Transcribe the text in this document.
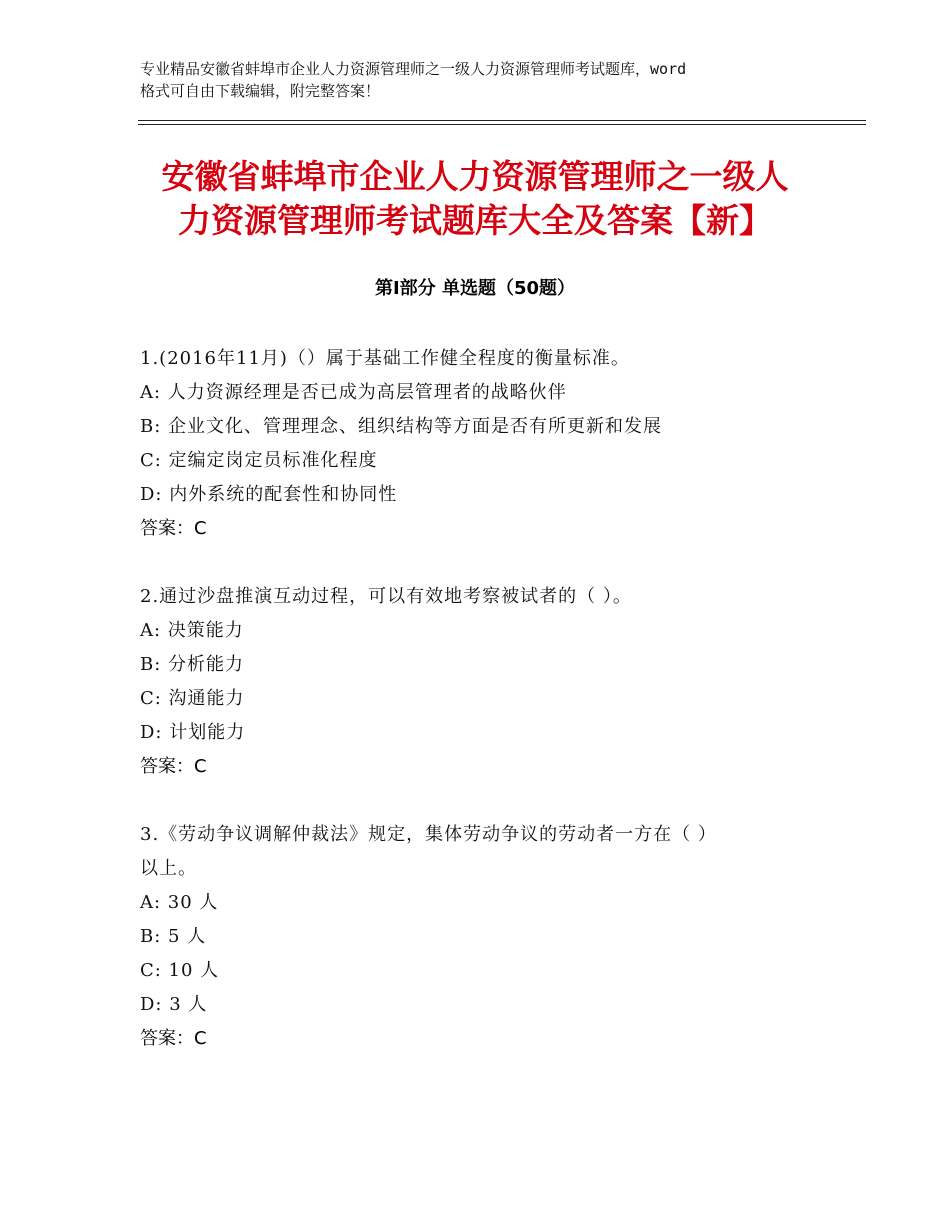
专业精品安徽省蚌埠市企业人力资源管理师之一级人力资源管理师考试题库，word
格式可自由下载编辑，附完整答案！
安徽省蚌埠市企业人力资源管理师之一级人
力资源管理师考试题库大全及答案【新】
第Ⅰ部分 单选题（50题）

1.(2016年11月)（）属于基础工作健全程度的衡量标准。

A: 人力资源经理是否已成为高层管理者的战略伙伴

B: 企业文化、管理理念、组织结构等方面是否有所更新和发展

C: 定编定岗定员标准化程度

D: 内外系统的配套性和协同性

答案：C

2.通过沙盘推演互动过程，可以有效地考察被试者的（ ）。

A: 决策能力

B: 分析能力

C: 沟通能力

D: 计划能力

答案：C

3.《劳动争议调解仲裁法》规定，集体劳动争议的劳动者一方在（ ）

以上。

A: 30 人

B: 5 人

C: 10 人

D: 3 人

答案：C
